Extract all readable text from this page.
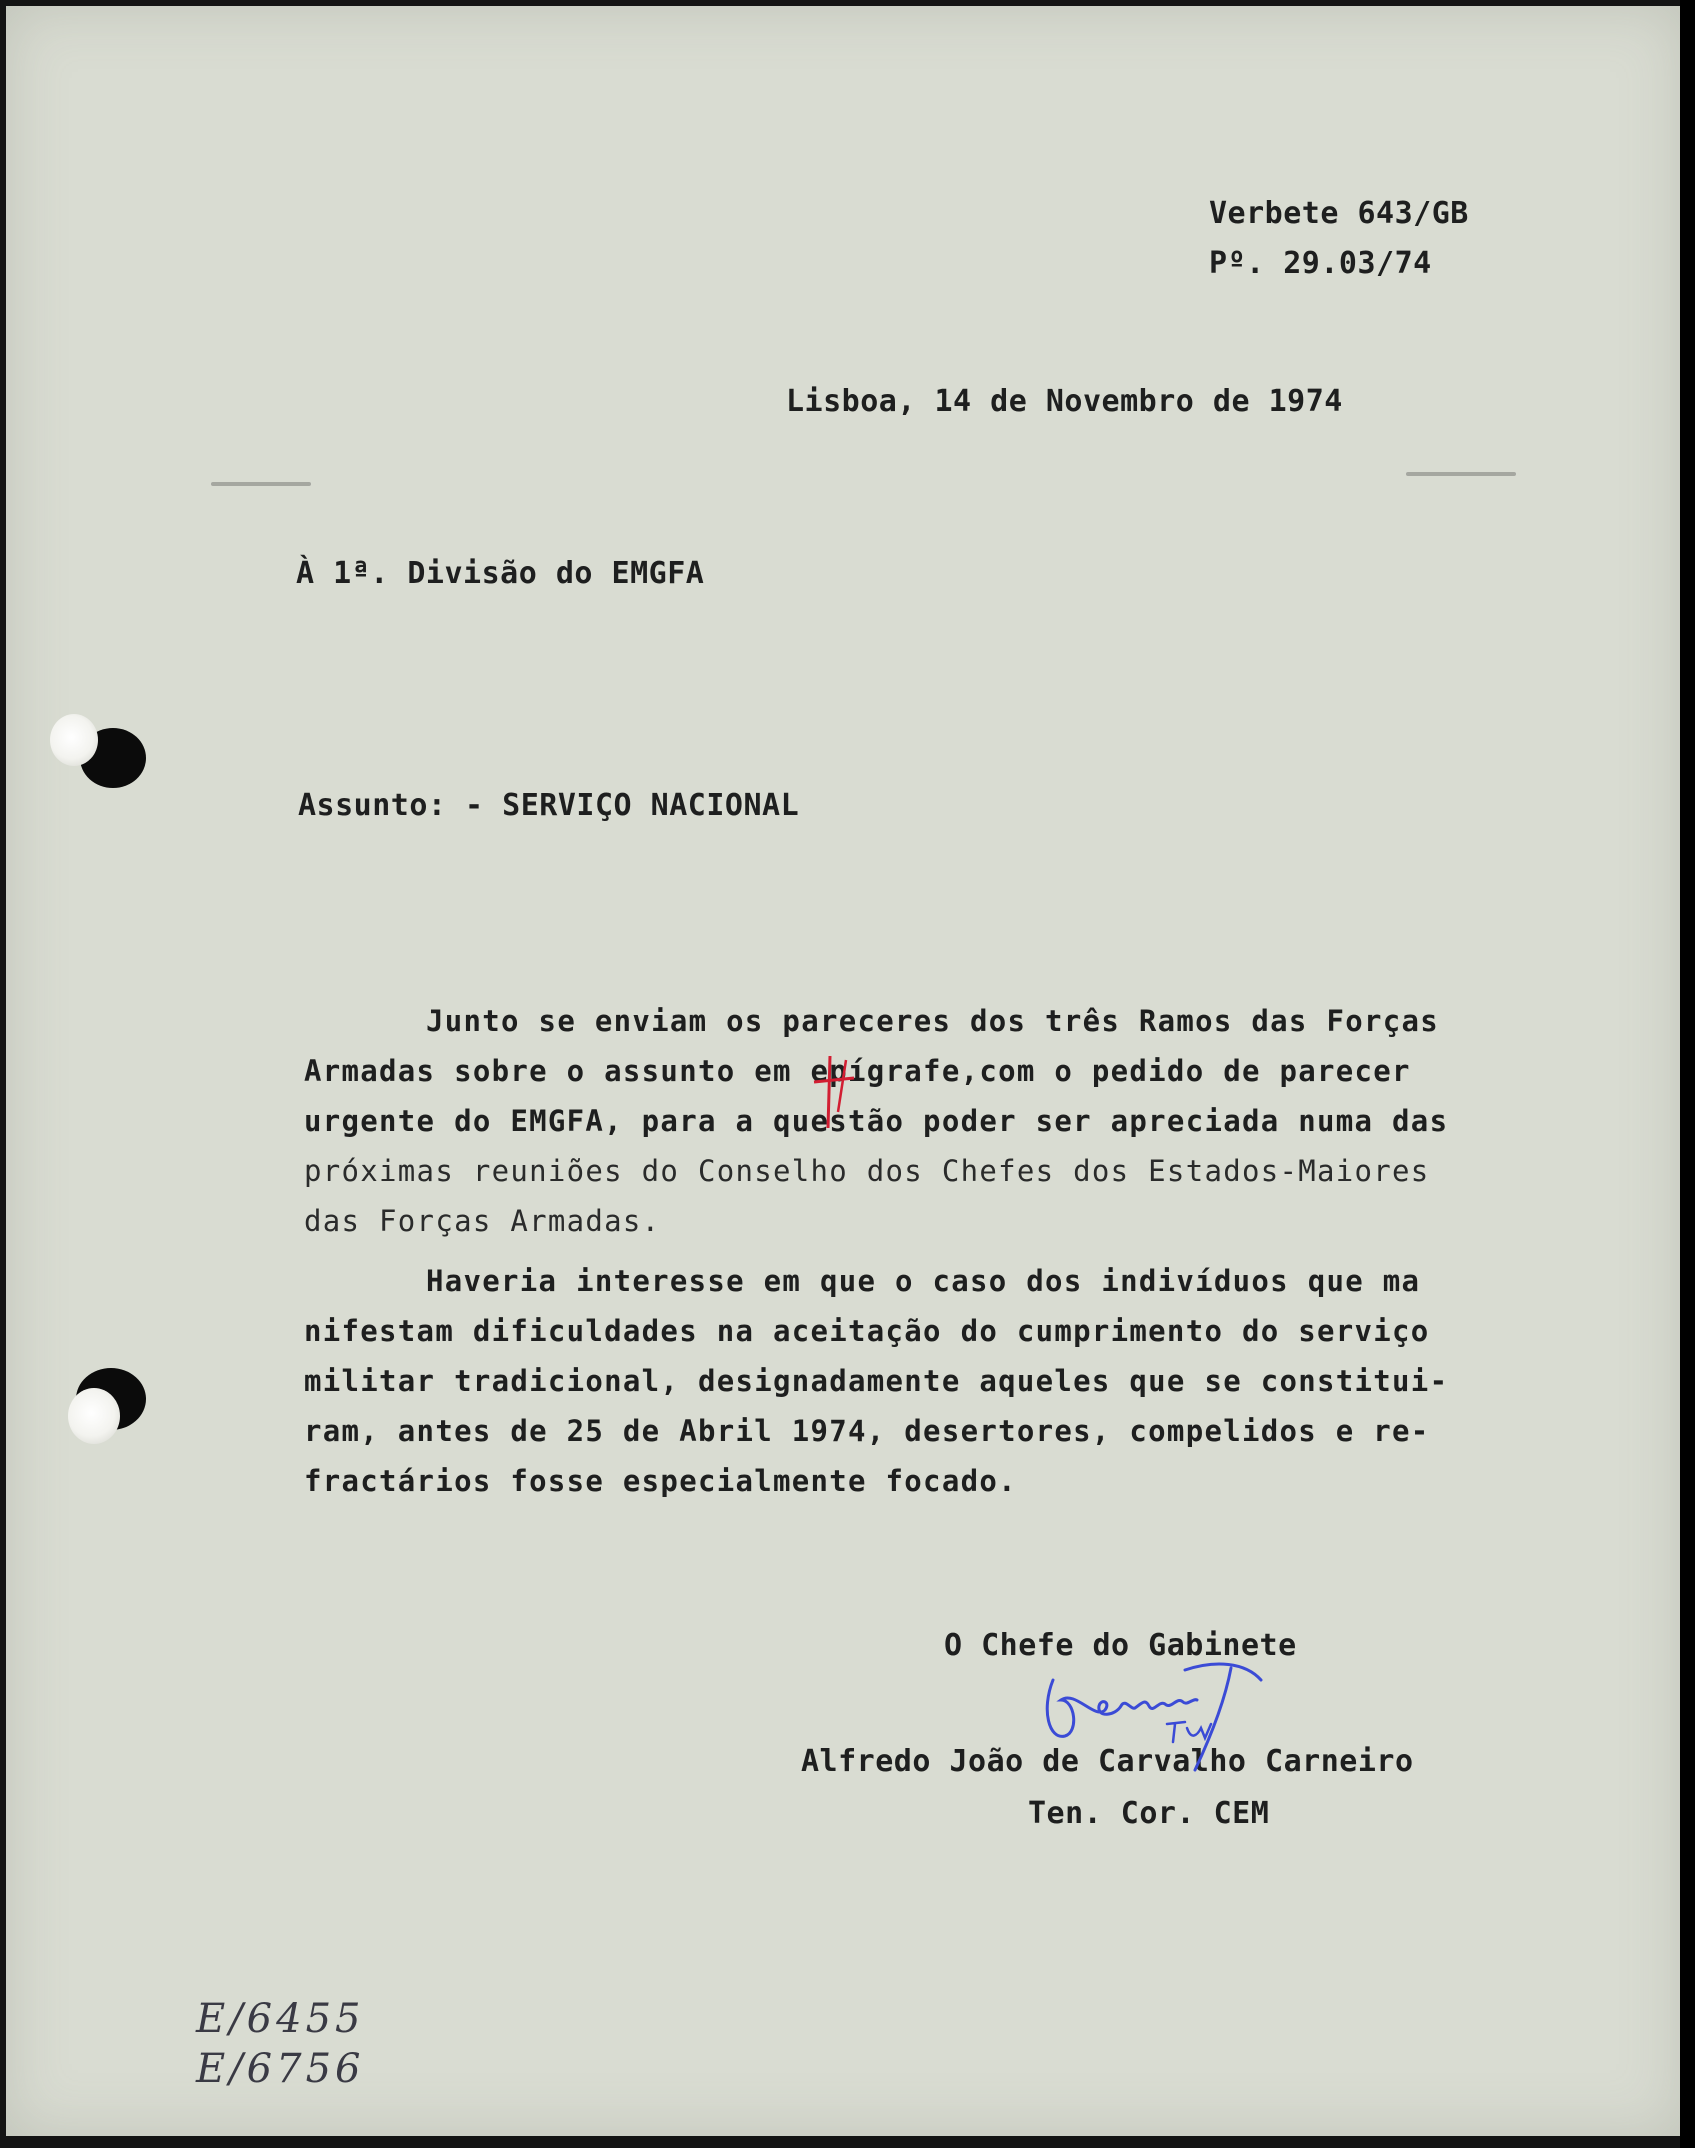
Verbete 643/GB

Pº. 29.03/74

Lisboa, 14 de Novembro de 1974

À 1ª. Divisão do EMGFA

Assunto: - SERVIÇO NACIONAL

Junto se enviam os pareceres dos três Ramos das Forças

Armadas sobre o assunto em epígrafe,com o pedido de parecer

urgente do EMGFA, para a questão poder ser apreciada numa das

próximas reuniões do Conselho dos Chefes dos Estados-Maiores

das Forças Armadas.

Haveria interesse em que o caso dos indivíduos que ma

nifestam dificuldades na aceitação do cumprimento do serviço

militar tradicional, designadamente aqueles que se constitui-

ram, antes de 25 de Abril 1974, desertores, compelidos e re-

fractários fosse especialmente focado.

O Chefe do Gabinete

Alfredo João de Carvalho Carneiro

Ten. Cor. CEM

E/6455

E/6756
